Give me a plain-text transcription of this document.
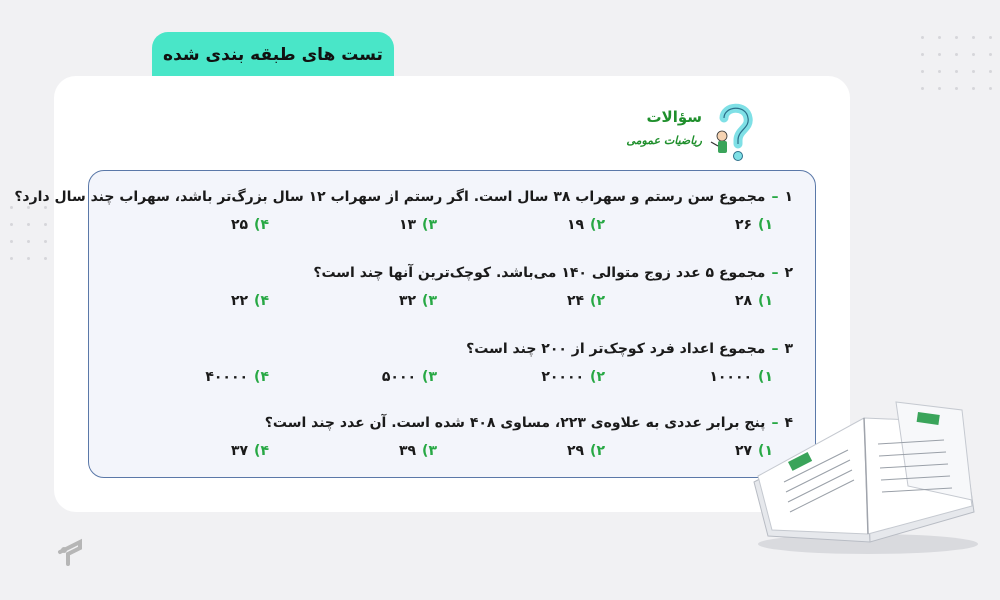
تست های طبقه بندی شده
سؤالات
ریاضیات عمومی
۱–مجموع سن رستم و سهراب ۳۸ سال است. اگر رستم از سهراب ۱۲ سال بزرگ‌تر باشد، سهراب چند سال دارد؟
۱)۲۶
۲)۱۹
۳)۱۳
۴)۲۵
۲–مجموع ۵ عدد زوج متوالی ۱۴۰ می‌باشد. کوچک‌ترین آنها چند است؟
۱)۲۸
۲)۲۴
۳)۳۲
۴)۲۲
۳–مجموع اعداد فرد کوچک‌تر از ۲۰۰ چند است؟
۱)۱۰۰۰۰
۲)۲۰۰۰۰
۳)۵۰۰۰
۴)۴۰۰۰۰
۴–پنج برابر عددی به علاوه‌ی ۲۲۳، مساوی ۴۰۸ شده است. آن عدد چند است؟
۱)۲۷
۲)۲۹
۳)۳۹
۴)۳۷
